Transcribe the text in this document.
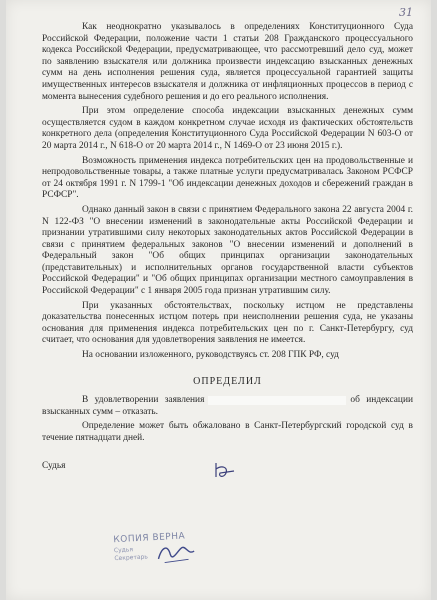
31

Как неоднократно указывалось в определениях Конституционного Суда Российской Федерации, положение части 1 статьи 208 Гражданского процессуального кодекса Российской Федерации, предусматривающее, что рассмотревший дело суд, может по заявлению взыскателя или должника произвести индексацию взысканных денежных сумм на день исполнения решения суда, является процессуальной гарантией защиты имущественных интересов взыскателя и должника от инфляционных процессов в период с момента вынесения судебного решения и до его реального исполнения.

При этом определение способа индексации взысканных денежных сумм осуществляется судом в каждом конкретном случае исходя из фактических обстоятельств конкретного дела (определения Конституционного Суда Российской Федерации N 603-О от 20 марта 2014 г., N 618-О от 20 марта 2014 г., N 1469-О от 23 июня 2015 г.).

Возможность применения индекса потребительских цен на продовольственные и непродовольственные товары, а также платные услуги предусматривалась Законом РСФСР от 24 октября 1991 г. N 1799-1 "Об индексации денежных доходов и сбережений граждан в РСФСР".

Однако данный закон в связи с принятием Федерального закона 22 августа 2004 г. N 122-ФЗ "О внесении изменений в законодательные акты Российской Федерации и признании утратившими силу некоторых законодательных актов Российской Федерации в связи с принятием федеральных законов "О внесении изменений и дополнений в Федеральный закон "Об общих принципах организации законодательных (представительных) и исполнительных органов государственной власти субъектов Российской Федерации" и "Об общих принципах организации местного самоуправления в Российской Федерации" с 1 января 2005 года признан утратившим силу.

При указанных обстоятельствах, поскольку истцом не представлены доказательства понесенных истцом потерь при неисполнении решения суда, не указаны основания для применения индекса потребительских цен по г. Санкт-Петербургу, суд считает, что основания для удовлетворения заявления не имеется.

На основании изложенного, руководствуясь ст. 208 ГПК РФ, суд

ОПРЕДЕЛИЛ

В удовлетворении заявления	об индексации взысканных сумм – отказать.

Определение может быть обжаловано в Санкт-Петербургский городской суд в течение пятнадцати дней.

Судья
КОПИЯ ВЕРНА
Судья
Секретарь
